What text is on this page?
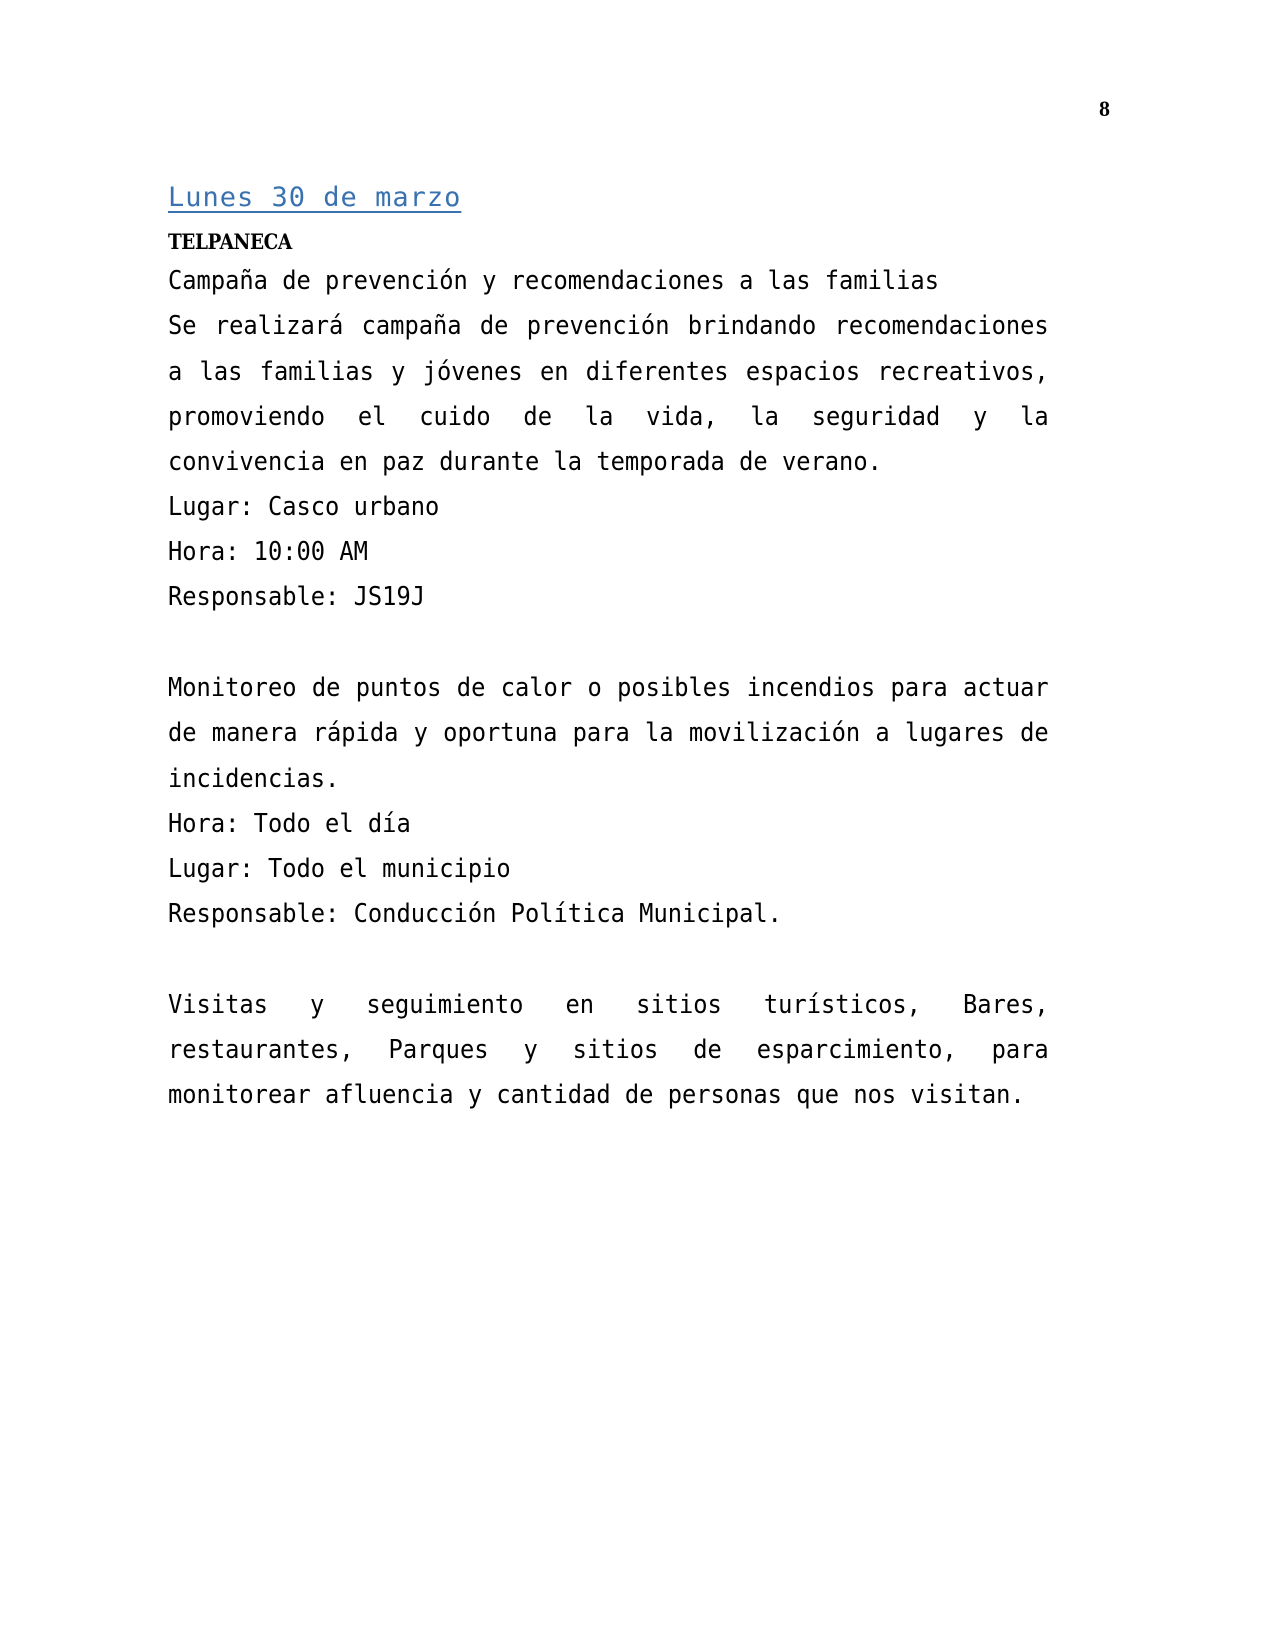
8
Lunes 30 de marzo
TELPANECA

Campaña de prevención y recomendaciones a las familias

Se realizará campaña de prevención brindando recomendaciones a las familias y jóvenes en diferentes espacios recreativos, promoviendo el cuido de la vida, la seguridad y la convivencia en paz durante la temporada de verano.

Lugar: Casco urbano

Hora: 10:00 AM

Responsable: JS19J

Monitoreo de puntos de calor o posibles incendios para actuar de manera rápida y oportuna para la movilización a lugares de incidencias.

Hora: Todo el día

Lugar: Todo el municipio

Responsable: Conducción Política Municipal.

Visitas y seguimiento en sitios turísticos, Bares, restaurantes, Parques y sitios de esparcimiento, para monitorear afluencia y cantidad de personas que nos visitan.
